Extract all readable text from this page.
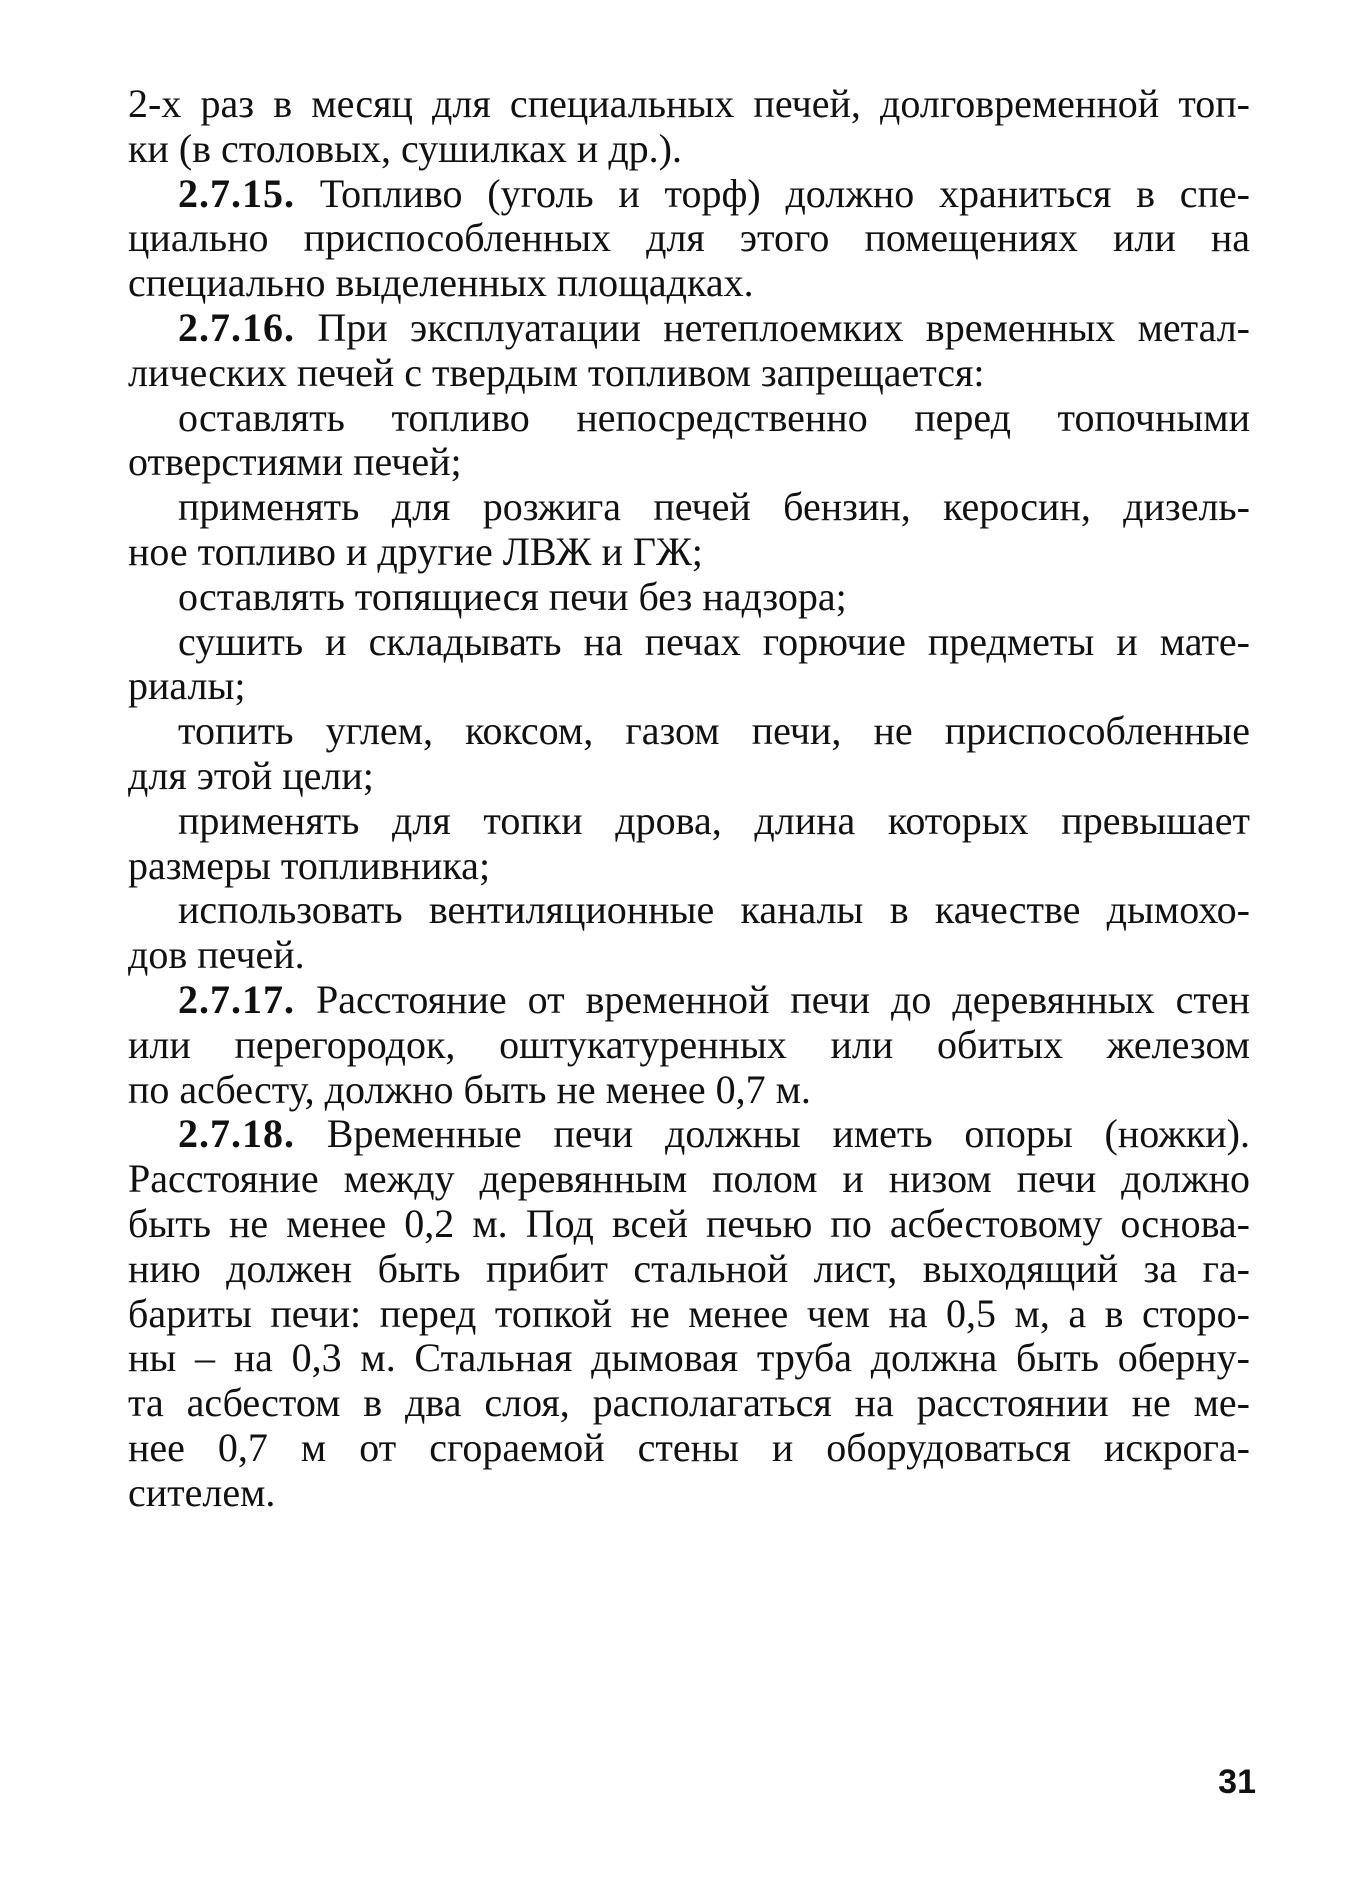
2-х раз в месяц для специальных печей, долговременной топ-
ки (в столовых, сушилках и др.).
2.7.15. Топливо (уголь и торф) должно храниться в спе-
циально приспособленных для этого помещениях или на
специально выделенных площадках.
2.7.16. При эксплуатации нетеплоемких временных метал-
лических печей с твердым топливом запрещается:
оставлять топливо непосредственно перед топочными
отверстиями печей;
применять для розжига печей бензин, керосин, дизель-
ное топливо и другие ЛВЖ и ГЖ;
оставлять топящиеся печи без надзора;
сушить и складывать на печах горючие предметы и мате-
риалы;
топить углем, коксом, газом печи, не приспособленные
для этой цели;
применять для топки дрова, длина которых превышает
размеры топливника;
использовать вентиляционные каналы в качестве дымохо-
дов печей.
2.7.17. Расстояние от временной печи до деревянных стен
или перегородок, оштукатуренных или обитых железом
по асбесту, должно быть не менее 0,7 м.
2.7.18. Временные печи должны иметь опоры (ножки).
Расстояние между деревянным полом и низом печи должно
быть не менее 0,2 м. Под всей печью по асбестовому основа-
нию должен быть прибит стальной лист, выходящий за га-
бариты печи: перед топкой не менее чем на 0,5 м, а в сторо-
ны – на 0,3 м. Стальная дымовая труба должна быть оберну-
та асбестом в два слоя, располагаться на расстоянии не ме-
нее 0,7 м от сгораемой стены и оборудоваться искрога-
сителем.
31
